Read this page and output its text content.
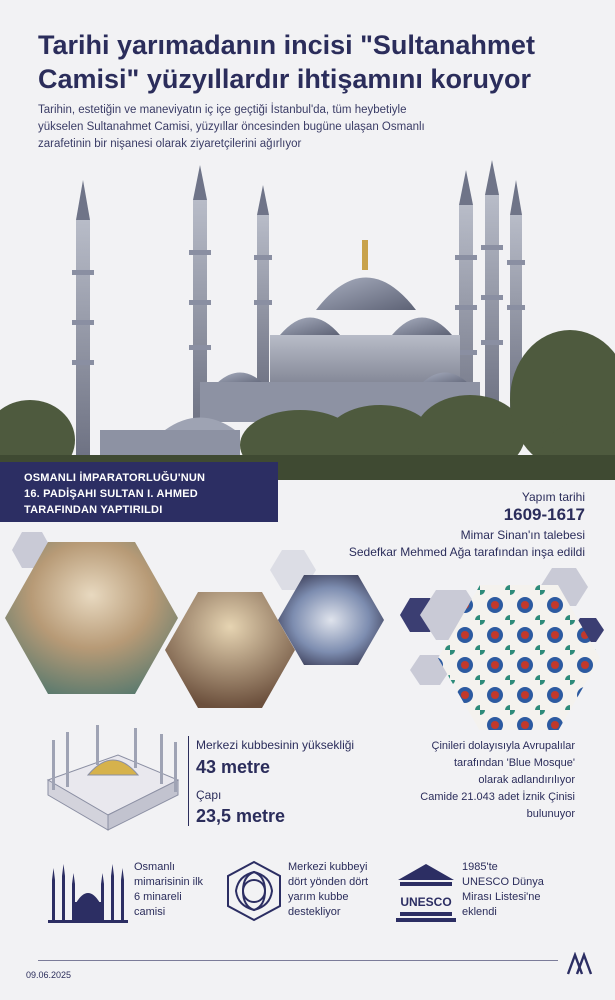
Tarihi yarımadanın incisi "Sultanahmet
Camisi" yüzyıllardır ihtişamını koruyor

Tarihin, estetiğin ve maneviyatın iç içe geçtiği İstanbul'da, tüm heybetiyle
yükselen Sultanahmet Camisi, yüzyıllar öncesinden bugüne ulaşan Osmanlı
zarafetinin bir nişanesi olarak ziyaretçilerini ağırlıyor

OSMANLI İMPARATORLUĞU'NUN
16. PADİŞAHI SULTAN I. AHMED
TARAFINDAN YAPTIRILDI
Yapım tarihi
1609-1617
Mimar Sinan'ın talebesi
Sedefkar Mehmed Ağa tarafından inşa edildi
Merkezi kubbesinin yüksekliği
43 metre
Çapı
23,5 metre
Çinileri dolayısıyla Avrupalılar
tarafından 'Blue Mosque'
olarak adlandırılıyor
Camide 21.043 adet İznik Çinisi
bulunuyor
Osmanlı
mimarisinin ilk
6 minareli
camisi
Merkezi kubbeyi
dört yönden dört
yarım kubbe
destekliyor
UNESCO
1985'te
UNESCO Dünya
Mirası Listesi'ne
eklendi
09.06.2025
